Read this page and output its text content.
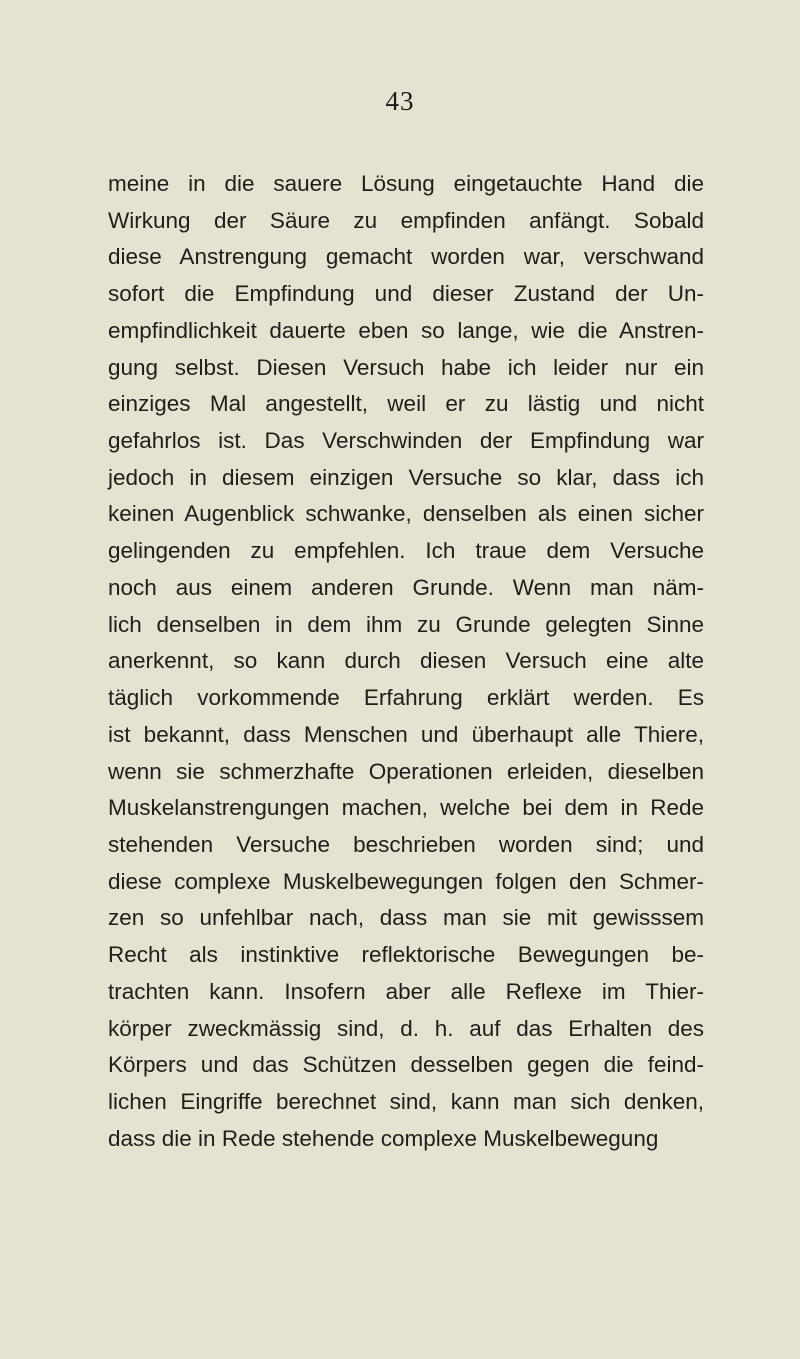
43
meine in die sauere Lösung eingetauchte Hand die
Wirkung der Säure zu empfinden anfängt. Sobald
diese Anstrengung gemacht worden war, verschwand
sofort die Empfindung und dieser Zustand der Un-
empfindlichkeit dauerte eben so lange, wie die Anstren-
gung selbst. Diesen Versuch habe ich leider nur ein
einziges Mal angestellt, weil er zu lästig und nicht
gefahrlos ist. Das Verschwinden der Empfindung war
jedoch in diesem einzigen Versuche so klar, dass ich
keinen Augenblick schwanke, denselben als einen sicher
gelingenden zu empfehlen. Ich traue dem Versuche
noch aus einem anderen Grunde. Wenn man näm-
lich denselben in dem ihm zu Grunde gelegten Sinne
anerkennt, so kann durch diesen Versuch eine alte
täglich vorkommende Erfahrung erklärt werden. Es
ist bekannt, dass Menschen und überhaupt alle Thiere,
wenn sie schmerzhafte Operationen erleiden, dieselben
Muskelanstrengungen machen, welche bei dem in Rede
stehenden Versuche beschrieben worden sind; und
diese complexe Muskelbewegungen folgen den Schmer-
zen so unfehlbar nach, dass man sie mit gewisssem
Recht als instinktive reflektorische Bewegungen be-
trachten kann. Insofern aber alle Reflexe im Thier-
körper zweckmässig sind, d. h. auf das Erhalten des
Körpers und das Schützen desselben gegen die feind-
lichen Eingriffe berechnet sind, kann man sich denken,
dass die in Rede stehende complexe Muskelbewegung
